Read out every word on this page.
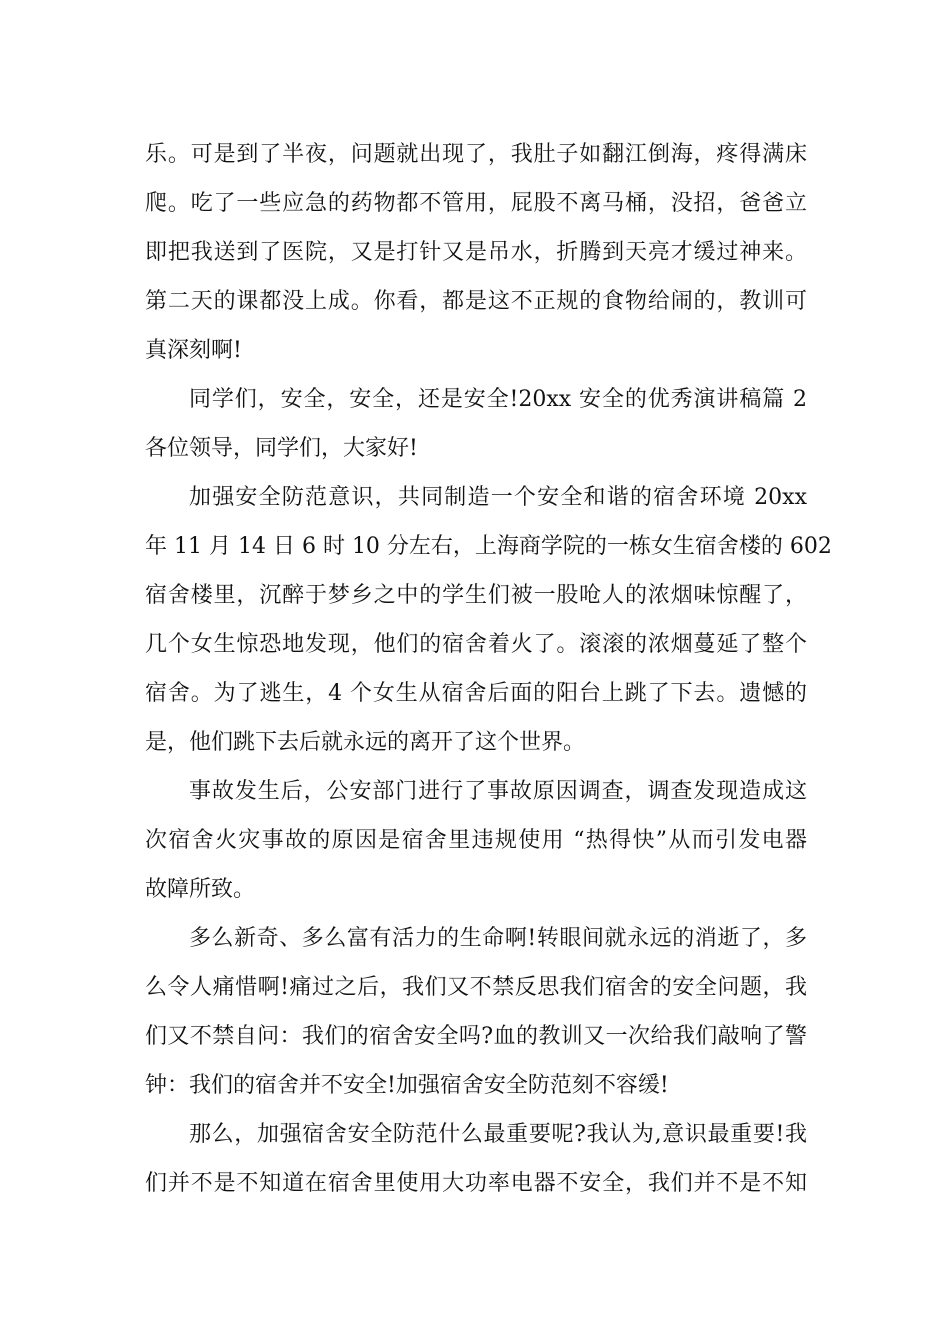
乐。可是到了半夜，问题就出现了，我肚子如翻江倒海，疼得满床
爬。吃了一些应急的药物都不管用，屁股不离马桶，没招，爸爸立
即把我送到了医院，又是打针又是吊水，折腾到天亮才缓过神来。
第二天的课都没上成。你看，都是这不正规的食物给闹的，教训可
真深刻啊!
同学们，安全，安全，还是安全!20xx 安全的优秀演讲稿篇 2
各位领导，同学们，大家好!
加强安全防范意识，共同制造一个安全和谐的宿舍环境 20xx
年 11 月 14 日 6 时 10 分左右，上海商学院的一栋女生宿舍楼的 602
宿舍楼里，沉醉于梦乡之中的学生们被一股呛人的浓烟味惊醒了，
几个女生惊恐地发现，他们的宿舍着火了。滚滚的浓烟蔓延了整个
宿舍。为了逃生，4 个女生从宿舍后面的阳台上跳了下去。遗憾的
是，他们跳下去后就永远的离开了这个世界。
事故发生后，公安部门进行了事故原因调查，调查发现造成这
次宿舍火灾事故的原因是宿舍里违规使用 “热得快”从而引发电器
故障所致。
多么新奇、多么富有活力的生命啊!转眼间就永远的消逝了，多
么令人痛惜啊!痛过之后，我们又不禁反思我们宿舍的安全问题，我
们又不禁自问：我们的宿舍安全吗?血的教训又一次给我们敲响了警
钟：我们的宿舍并不安全!加强宿舍安全防范刻不容缓!
那么，加强宿舍安全防范什么最重要呢?我认为,意识最重要!我
们并不是不知道在宿舍里使用大功率电器不安全，我们并不是不知
